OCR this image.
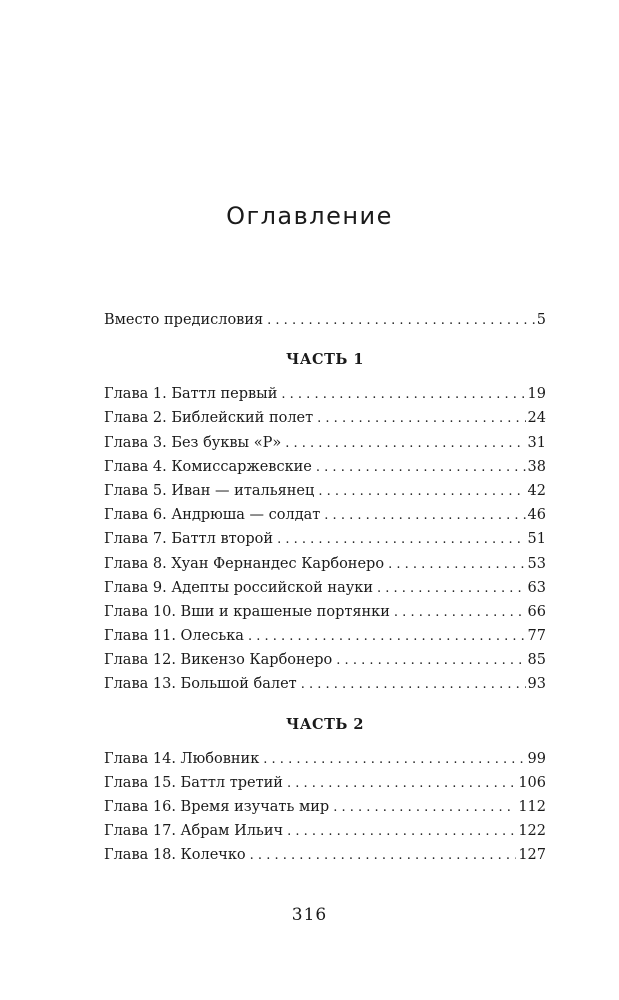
Оглавление
Вместо предисловия . . .	5
ЧАСТЬ 1
Глава 1. Баттл первый . . .	19
Глава 2. Библейский полет . . .	24
Глава 3. Без буквы «Р» . . .	31
Глава 4. Комиссаржевские . . .	38
Глава 5. Иван — итальянец . . .	42
Глава 6. Андрюша — солдат . . .	46
Глава 7. Баттл второй . . .	51
Глава 8. Хуан Фернандес Карбонеро . . .	53
Глава 9. Адепты российской науки . . .	63
Глава 10. Вши и крашеные портянки . . .	66
Глава 11. Олеська . . .	77
Глава 12. Викензо Карбонеро . . .	85
Глава 13. Большой балет . . .	93
ЧАСТЬ 2
Глава 14. Любовник . . .	99
Глава 15. Баттл третий . . .	106
Глава 16. Время изучать мир . . .	112
Глава 17. Абрам Ильич . . .	122
Глава 18. Колечко . . .	127
316
